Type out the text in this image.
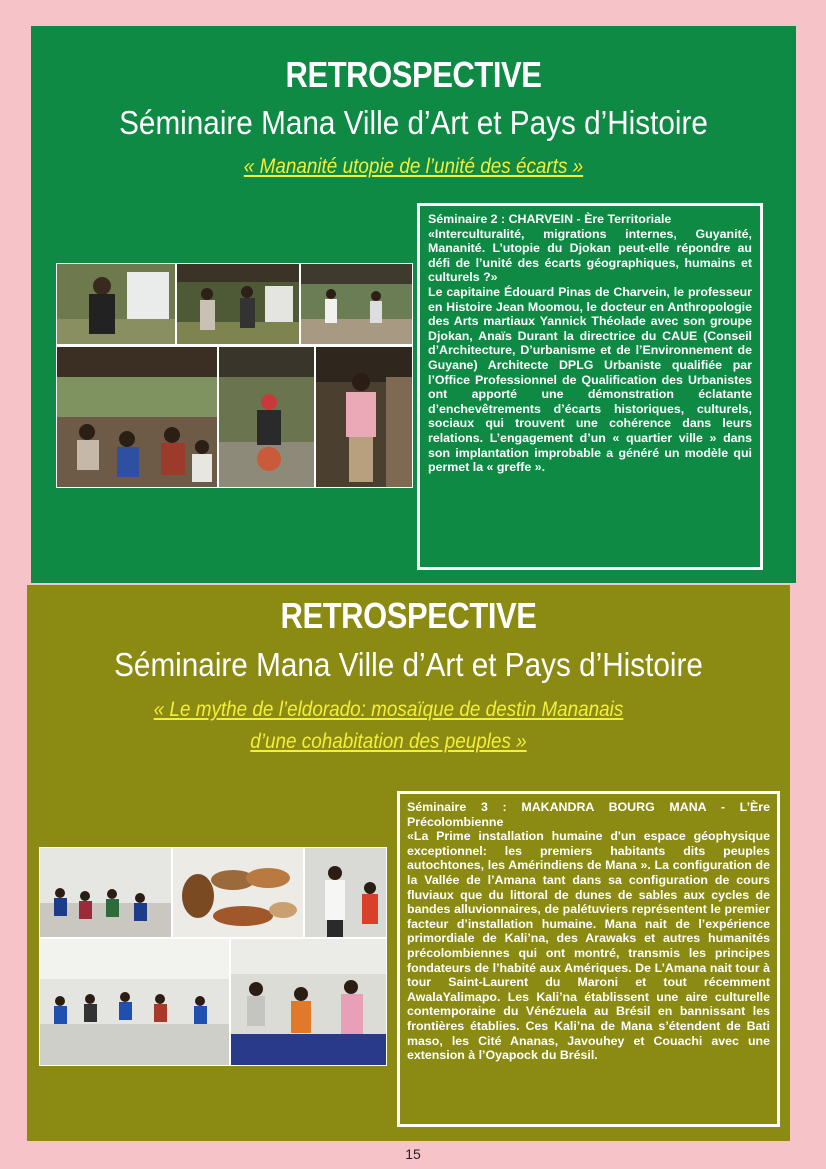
RETROSPECTIVE
Séminaire Mana Ville d’Art et Pays d’Histoire
« Mananité utopie de l’unité des écarts »

Séminaire 2 : CHARVEIN - Ère Territoriale

«Interculturalité, migrations internes, Guyanité, Mananité. L’utopie du Djokan peut-elle répondre au défi de l’unité des écarts géographiques, humains et culturels ?»

Le capitaine Édouard Pinas de Charvein, le professeur en Histoire Jean Moomou, le docteur en Anthropologie des Arts martiaux Yannick Théolade avec son groupe Djokan, Anaïs Durant la directrice du CAUE (Conseil d’Architecture, D’urbanisme et de l’Environnement de Guyane) Architecte DPLG Urbaniste qualifiée par l’Office Professionnel de Qualification des Urbanistes ont apporté une démonstration éclatante d’enchevêtrements d’écarts historiques, culturels, sociaux qui trouvent une cohérence dans leurs relations. L’engagement d’un « quartier ville » dans son implantation improbable a généré un modèle qui permet la « greffe ».

RETROSPECTIVE
Séminaire Mana Ville d’Art et Pays d’Histoire
« Le mythe de l’eldorado: mosaïque de destin Mananais
d’une cohabitation des peuples »

Séminaire 3 : MAKANDRA BOURG MANA - L’Ère Précolombienne

«La Prime installation humaine d'un espace géophysique exceptionnel: les premiers habitants dits peuples autochtones, les Amérindiens de Mana ». La configuration de la Vallée de l’Amana tant dans sa configuration de cours fluviaux que du littoral de dunes de sables aux cycles de bandes alluvionnaires, de palétuviers représentent le premier facteur d’installation humaine. Mana nait de l’expérience primordiale de Kali’na, des Arawaks et autres humanités précolombiennes qui ont montré, transmis les principes fondateurs de l’habité aux Amériques. De L’Amana nait tour à tour Saint-Laurent du Maroni et tout récemment AwalaYalimapo. Les Kali’na établissent une aire culturelle contemporaine du Vénézuela au Brésil en bannissant les frontières établies. Ces Kali’na de Mana s’étendent de Bati maso, les Cité Ananas, Javouhey et Couachi avec une extension à l’Oyapock du Brésil.

15
